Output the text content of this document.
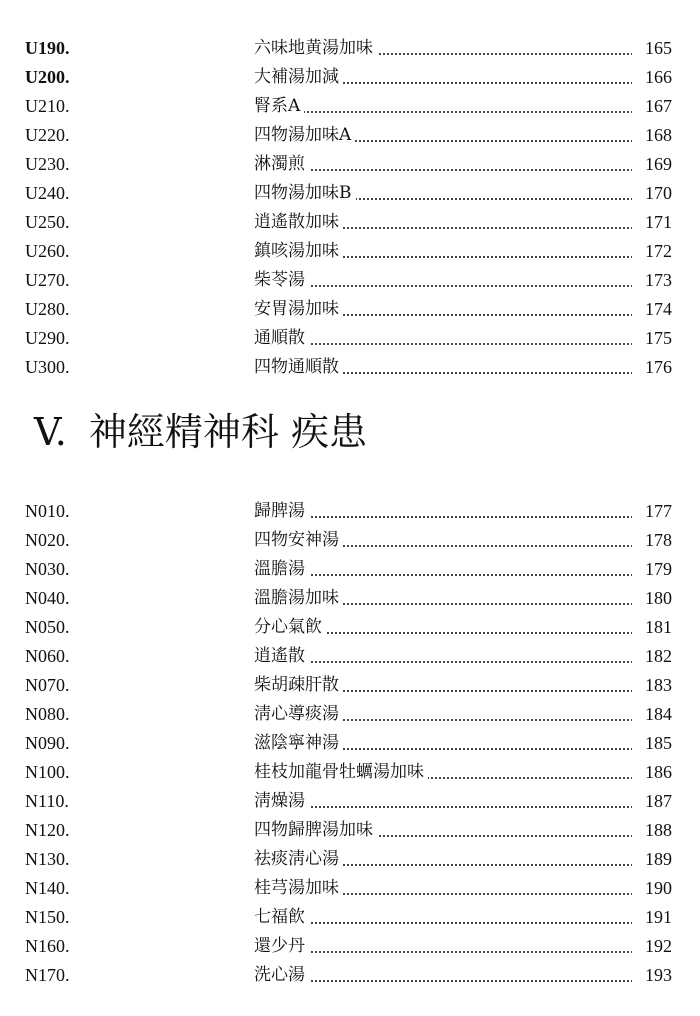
U190.	六味地黄湯加味	165
U200.	大補湯加減	166
U210.	腎系A	167
U220.	四物湯加味A	168
U230.	淋濁煎	169
U240.	四物湯加味B	170
U250.	逍遙散加味	171
U260.	鎮咳湯加味	172
U270.	柴苓湯	173
U280.	安胃湯加味	174
U290.	通順散	175
U300.	四物通順散	176
V. 神經精神科 疾患
N010.	歸脾湯	177
N020.	四物安神湯	178
N030.	溫膽湯	179
N040.	溫膽湯加味	180
N050.	分心氣飮	181
N060.	逍遙散	182
N070.	柴胡疎肝散	183
N080.	淸心導痰湯	184
N090.	滋陰寧神湯	185
N100.	桂枝加龍骨牡蠣湯加味	186
N110.	淸燥湯	187
N120.	四物歸脾湯加味	188
N130.	祛痰淸心湯	189
N140.	桂芎湯加味	190
N150.	七福飮	191
N160.	還少丹	192
N170.	洗心湯	193
